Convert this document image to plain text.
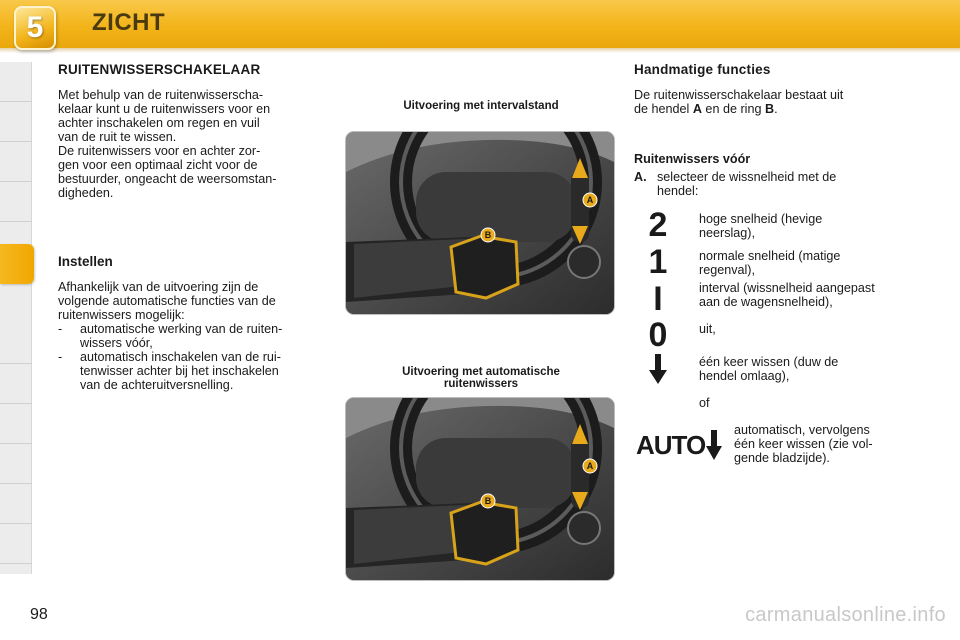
5	ZICHT
RUITENWISSERSCHAKELAAR
Met behulp van de ruitenwisserscha-
kelaar kunt u de ruitenwissers voor en
achter inschakelen om regen en vuil
van de ruit te wissen.
De ruitenwissers voor en achter zor-
gen voor een optimaal zicht voor de
bestuurder, ongeacht de weersomstan-
digheden.
Instellen
Afhankelijk van de uitvoering zijn de
volgende automatische functies van de
ruitenwissers mogelijk:
- automatische werking van de ruiten-
wissers vóór,
- automatisch inschakelen van de rui-
tenwisser achter bij het inschakelen
van de achteruitversnelling.
Uitvoering met intervalstand
A
B
Uitvoering met automatische
ruitenwissers
A
B
Handmatige functies
De ruitenwisserschakelaar bestaat uit
de hendel A en de ring B.
Ruitenwissers vóór
A. selecteer de wissnelheid met de
hendel:
2	hoge snelheid (hevige
neerslag),
1	normale snelheid (matige
regenval),
I	interval (wissnelheid aangepast
aan de wagensnelheid),
0	uit,
één keer wissen (duw de
hendel omlaag),
of
AUTO automatisch, vervolgens
één keer wissen (zie vol-
gende bladzijde).
98	carmanualsonline.info
